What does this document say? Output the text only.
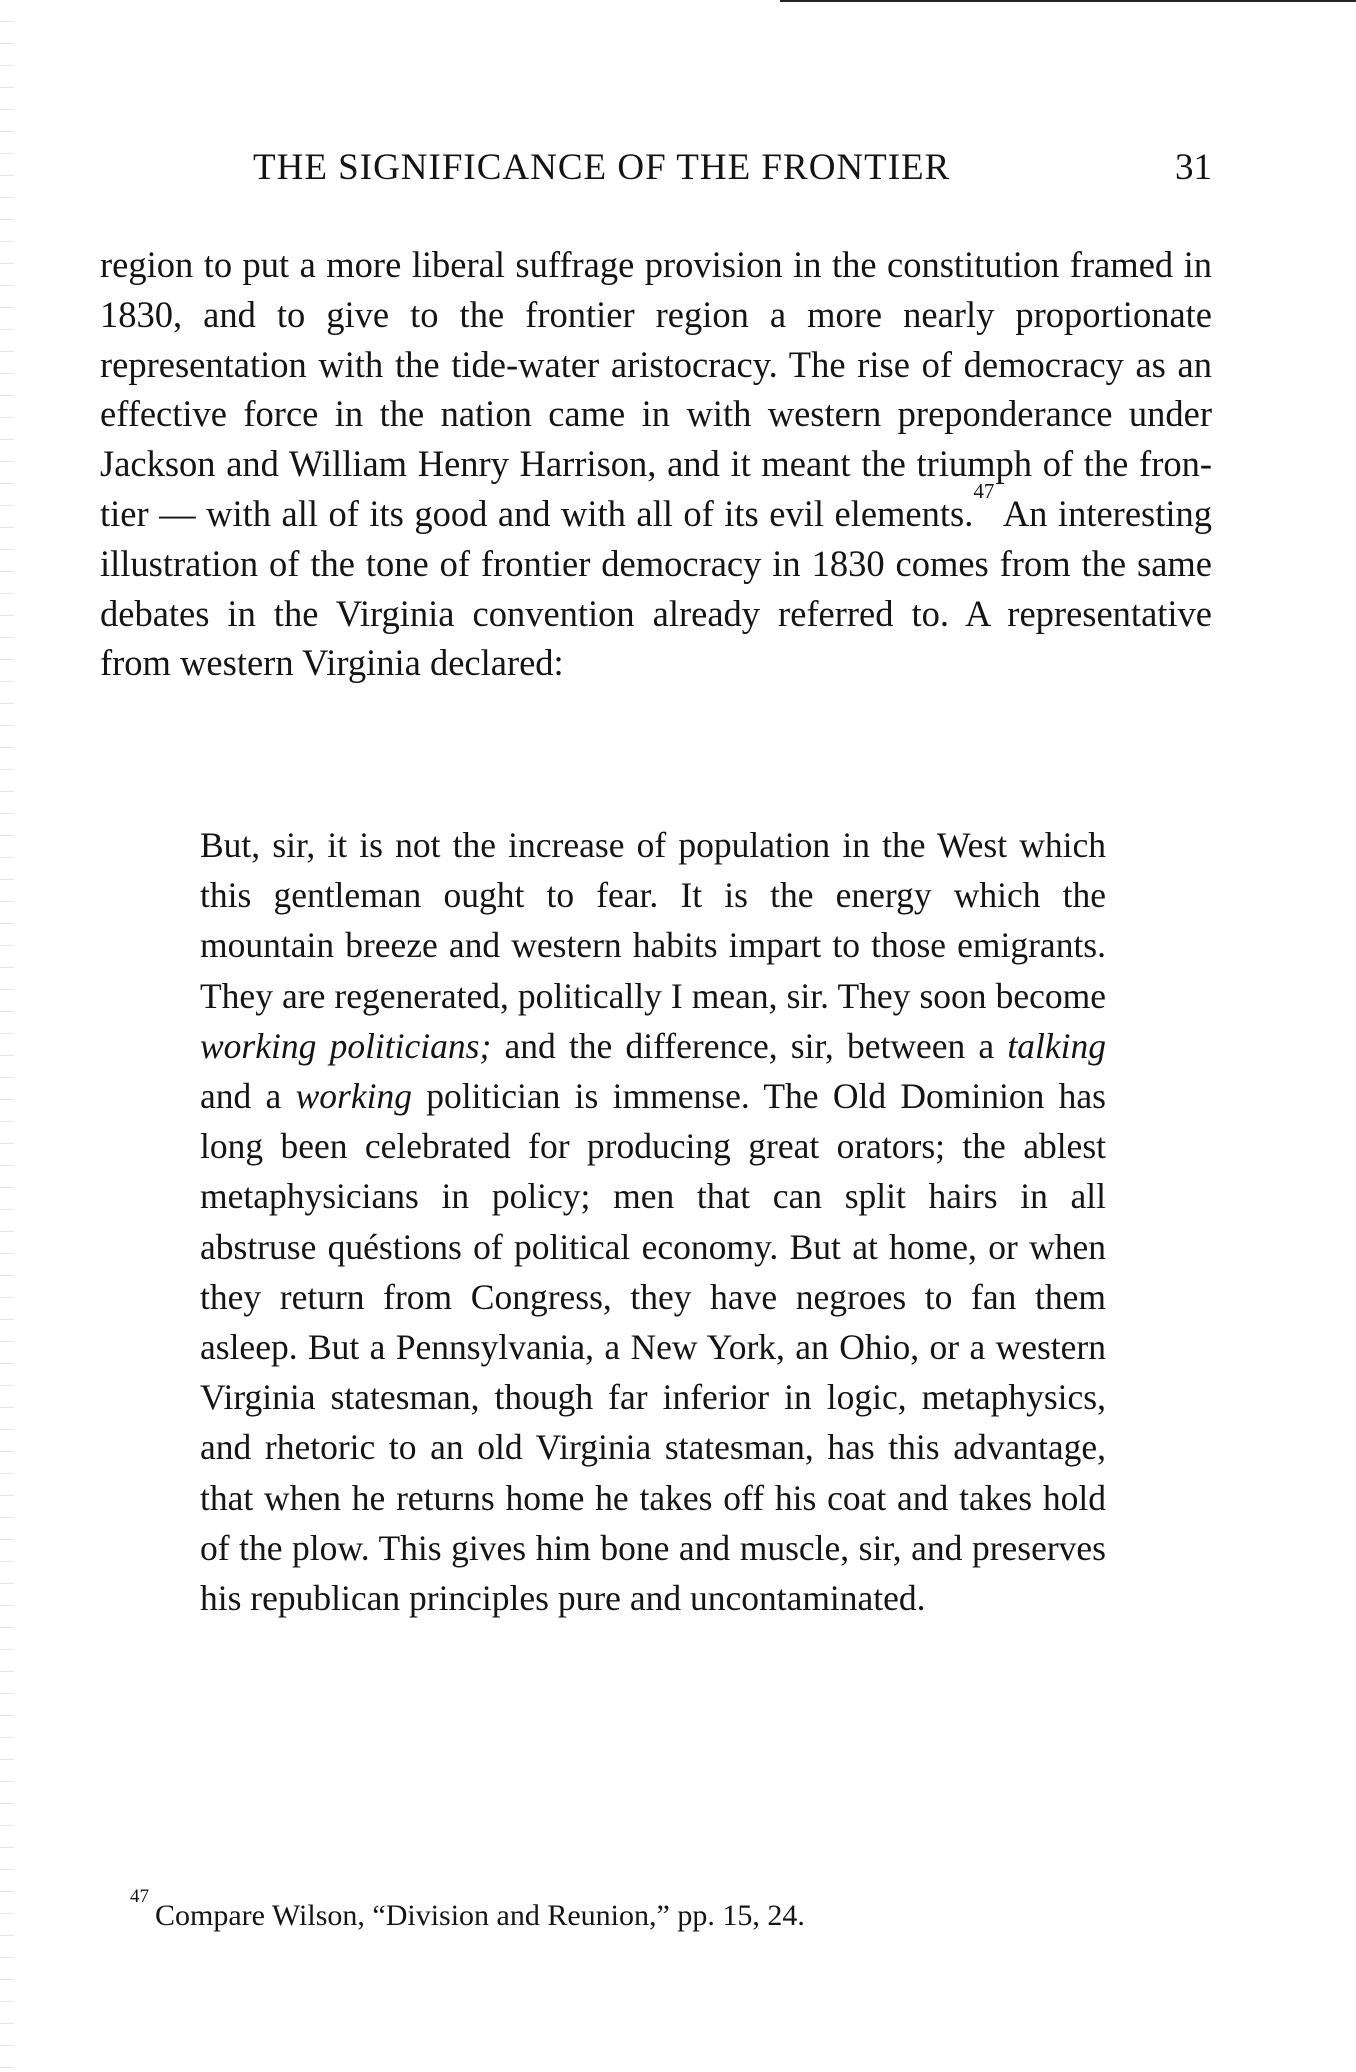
THE SIGNIFICANCE OF THE FRONTIER	31

region to put a more liberal suffrage provision in the constitution framed in 1830, and to give to the frontier region a more nearly proportionate representation with the tide-water aristocracy. The rise of democracy as an effective force in the nation came in with western preponderance under Jackson and William Henry Harrison, and it meant the triumph of the frontier — with all of its good and with all of its evil elements.$^{47}$ An interesting illustration of the tone of frontier democracy in 1830 comes from the same debates in the Virginia convention already referred to. A representative from western Virginia declared:

But, sir, it is not the increase of population in the West which this gentleman ought to fear. It is the energy which the mountain breeze and western habits impart to those emigrants. They are regenerated, politically I mean, sir. They soon become working politicians; and the difference, sir, between a talking and a working politician is immense. The Old Dominion has long been celebrated for producing great orators; the ablest metaphysicians in policy; men that can split hairs in all abstruse quéstions of political economy. But at home, or when they return from Congress, they have negroes to fan them asleep. But a Pennsylvania, a New York, an Ohio, or a western Virginia statesman, though far inferior in logic, metaphysics, and rhetoric to an old Virginia statesman, has this advantage, that when he returns home he takes off his coat and takes hold of the plow. This gives him bone and muscle, sir, and preserves his republican principles pure and uncontaminated.

$^{47}$Compare Wilson, “Division and Reunion,” pp. 15, 24.
